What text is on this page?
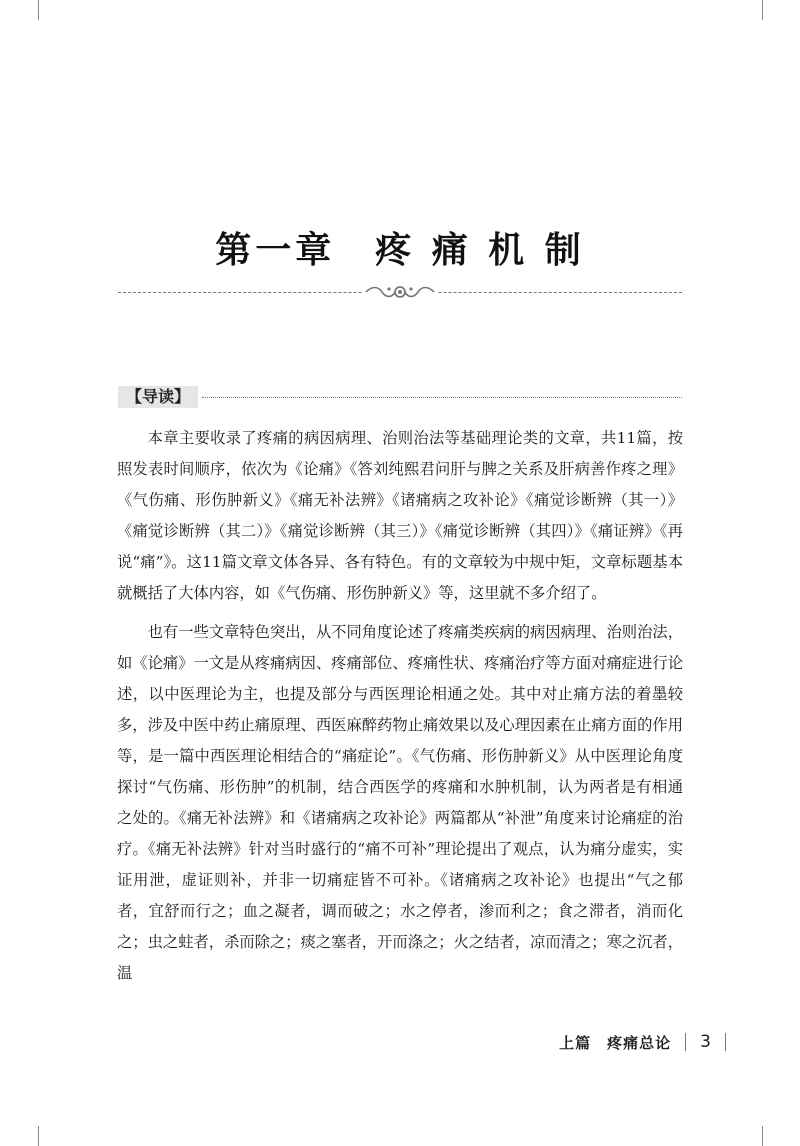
第一章　疼 痛 机 制
【导读】

本章主要收录了疼痛的病因病理、治则治法等基础理论类的文章，共11篇，按照发表时间顺序，依次为《论痛》《答刘纯熙君问肝与脾之关系及肝病善作疼之理》《气伤痛、形伤肿新义》《痛无补法辨》《诸痛病之攻补论》《痛觉诊断辨（其一）》《痛觉诊断辨（其二）》《痛觉诊断辨（其三）》《痛觉诊断辨（其四）》《痛证辨》《再说“痛”》。这11篇文章文体各异、各有特色。有的文章较为中规中矩，文章标题基本就概括了大体内容，如《气伤痛、形伤肿新义》等，这里就不多介绍了。

也有一些文章特色突出，从不同角度论述了疼痛类疾病的病因病理、治则治法，如《论痛》一文是从疼痛病因、疼痛部位、疼痛性状、疼痛治疗等方面对痛症进行论述，以中医理论为主，也提及部分与西医理论相通之处。其中对止痛方法的着墨较多，涉及中医中药止痛原理、西医麻醉药物止痛效果以及心理因素在止痛方面的作用等，是一篇中西医理论相结合的“痛症论”。《气伤痛、形伤肿新义》从中医理论角度探讨“气伤痛、形伤肿”的机制，结合西医学的疼痛和水肿机制，认为两者是有相通之处的。《痛无补法辨》和《诸痛病之攻补论》两篇都从“补泄”角度来讨论痛症的治疗。《痛无补法辨》针对当时盛行的“痛不可补”理论提出了观点，认为痛分虚实，实证用泄，虚证则补，并非一切痛症皆不可补。《诸痛病之攻补论》也提出“气之郁者，宜舒而行之；血之凝者，调而破之；水之停者，渗而利之；食之滞者，消而化之；虫之蛀者，杀而除之；痰之塞者，开而涤之；火之结者，凉而清之；寒之沉者，温

上篇　疼痛总论	3
